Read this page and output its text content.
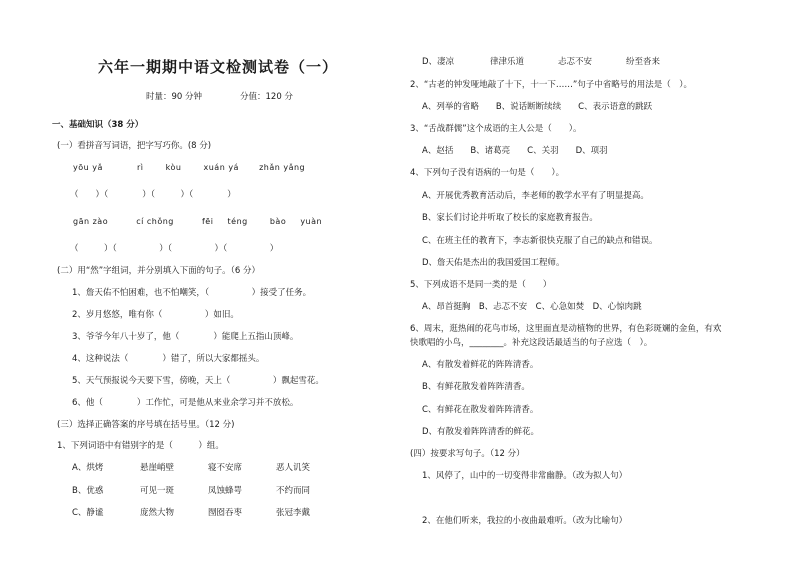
六年一期期中语文检测试卷（一）
时量：90 分钟	分值：120 分
一、基础知识（38 分）
(一）看拼音写词语，把字写巧你。(8 分)
yōu yǎ	rì	kòu	xuán yá	zhǎn yǎng
（　　）（　　　　）（　　　）（　　　　）
gān zào	cí chǒng	fēi téng	bào yuàn
（　　　）（　　　　　）（　　　　　）（　　　　　）
(二）用“然”字组词，并分别填入下面的句子。（6 分）
1、詹天佑不怕困难，也不怕嘲笑，（　　　　　）接受了任务。
2、岁月悠悠，唯有你（　　　　　）如旧。
3、爷爷今年八十岁了，他（　　　　）能爬上五指山顶峰。
4、这种说法（　　　　）错了，所以大家都摇头。
5、天气预报说今天要下雪，傍晚，天上（　　　　　）飘起雪花。
6、他（　　　　）工作忙，可是他从来业余学习并不放松。
(三）选择正确答案的序号填在括号里。（12 分)
1、下列词语中有错别字的是（　　　）组。
A、烘烤	悬崖峭壁	寝不安席	恶人讥笑
B、优惑	可见一斑	凤蚀蜂咢	不约而同
C、静谧	庞然大物	囫囵吞枣	张冠李戴
D、凄凉	律津乐道	忐忑不安	纷至沓来
2、“古老的钟发哑地敲了十下，十一下……”句子中省略号的用法是（　）。
A、列举的省略　　B、说话断断续续　　C、表示语意的跳跃
3、“舌战群儒”这个成语的主人公是（　　）。
A、赵括　　B、诸葛亮　　C、关羽　　D、项羽
4、下列句子没有语病的一句是（　　）。
A、开展优秀教育活动后，李老师的教学水平有了明显提高。
B、家长们讨论并听取了校长的家庭教育报告。
C、在班主任的教育下，李志新很快克服了自己的缺点和错误。
D、詹天佑是杰出的我国爱国工程师。
5、下列成语不是同一类的是（　　）
A、昂首挺胸　B、忐忑不安　C、心急如焚　D、心惊肉跳
6、周末，逛热闹的花鸟市场，这里面直是动植物的世界，有色彩斑斓的金鱼，有欢
快歌唱的小鸟，________。补充这段话最适当的句子应选（　）。
A、有散发着鲜花的阵阵清香。
B、有鲜花散发着阵阵清香。
C、有鲜花在散发着阵阵清香。
D、有散发着阵阵清香的鲜花。
(四）按要求写句子。（12 分）
1、风停了，山中的一切变得非常幽静。（改为拟人句）
2、在他们听来，我拉的小夜曲最难听。（改为比喻句）
